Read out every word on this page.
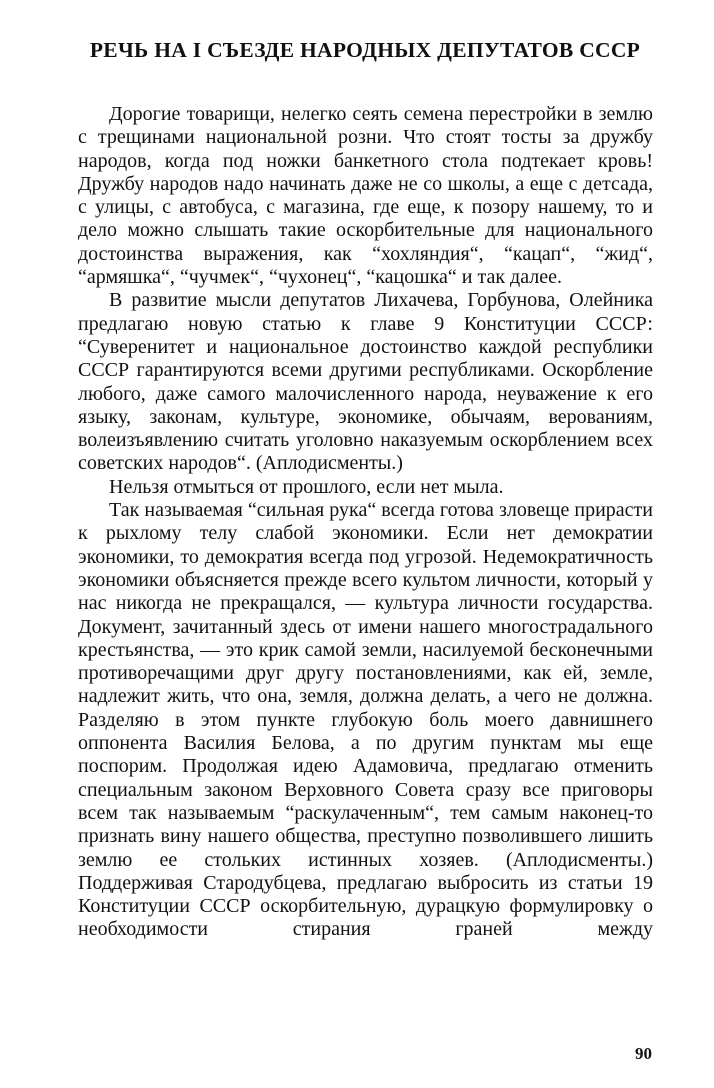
РЕЧЬ НА I СЪЕЗДЕ НАРОДНЫХ ДЕПУТАТОВ СССР

Дорогие товарищи, нелегко сеять семена перестройки в землю с трещинами национальной розни. Что стоят тосты за дружбу народов, когда под ножки банкетного стола подтекает кровь! Дружбу народов надо начинать даже не со школы, а еще с детсада, с улицы, с автобуса, с магазина, где еще, к позору нашему, то и дело можно слышать такие оскорбительные для национального достоинства выражения, как “хохляндия“, “кацап“, “жид“, “армяшка“, “чучмек“, “чухонец“, “кацошка“ и так далее.

В развитие мысли депутатов Лихачева, Горбунова, Олейника предлагаю новую статью к главе 9 Конституции СССР: “Суверенитет и национальное достоинство каждой республики СССР гарантируются всеми другими республиками. Оскорбление любого, даже самого малочисленного народа, неуважение к его языку, законам, культуре, экономике, обычаям, верованиям, волеизъявлению считать уголовно наказуемым оскорблением всех советских народов“. (Аплодисменты.)

Нельзя отмыться от прошлого, если нет мыла.

Так называемая “сильная рука“ всегда готова зловеще прирасти к рыхлому телу слабой экономики. Если нет демократии экономики, то демократия всегда под угрозой. Недемократичность экономики объясняется прежде всего культом личности, который у нас никогда не прекращался, — культура личности государства. Документ, зачитанный здесь от имени нашего многострадального крестьянства, — это крик самой земли, насилуемой бесконечными противоречащими друг другу постановлениями, как ей, земле, надлежит жить, что она, земля, должна делать, а чего не должна. Разделяю в этом пункте глубокую боль моего давнишнего оппонента Василия Белова, а по другим пунктам мы еще поспорим. Продолжая идею Адамовича, предлагаю отменить специальным законом Верховного Совета сразу все приговоры всем так называемым “раскулаченным“, тем самым наконец-то признать вину нашего общества, преступно позволившего лишить землю ее стольких истинных хозяев. (Аплодисменты.) Поддерживая Стародубцева, предлагаю выбросить из статьи 19 Конституции СССР оскорбительную, дурацкую формулировку о необходимости стирания граней между

90
